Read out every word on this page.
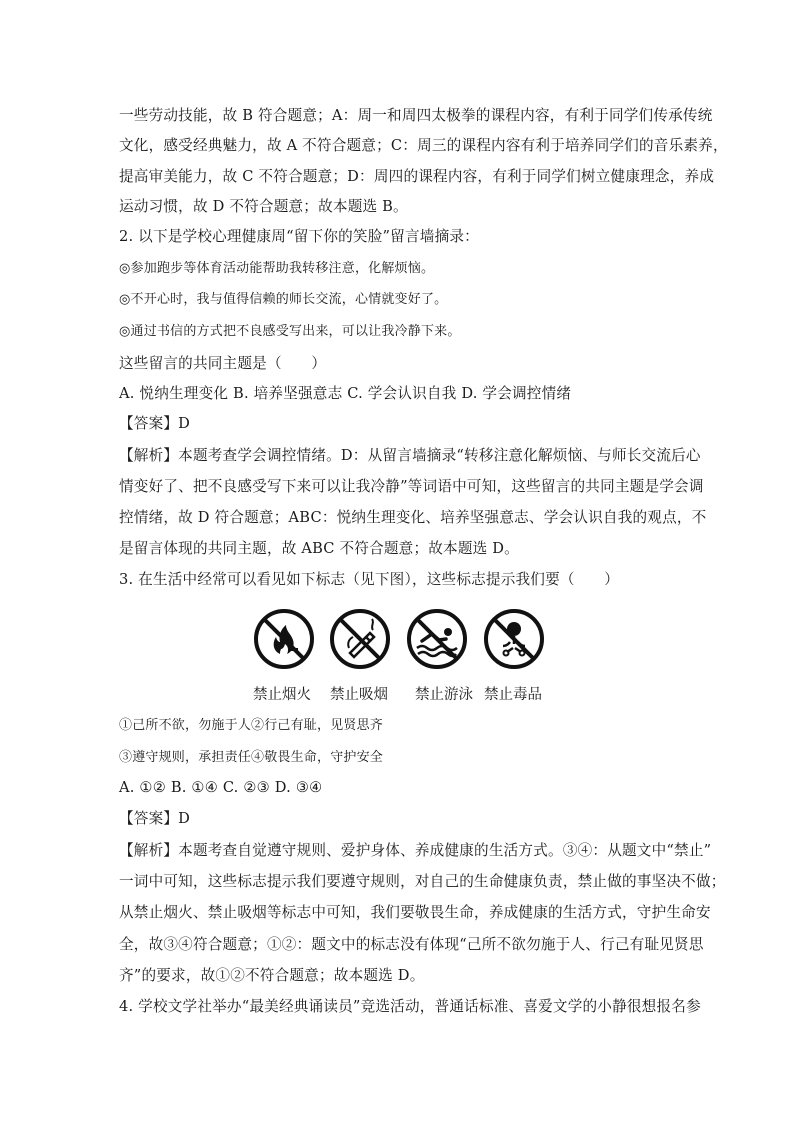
一些劳动技能，故 B 符合题意；A：周一和周四太极拳的课程内容，有利于同学们传承传统
文化，感受经典魅力，故 A 不符合题意；C：周三的课程内容有利于培养同学们的音乐素养，
提高审美能力，故 C 不符合题意；D：周四的课程内容，有利于同学们树立健康理念，养成
运动习惯，故 D 不符合题意；故本题选 B。
2. 以下是学校心理健康周“留下你的笑脸”留言墙摘录：
◎参加跑步等体育活动能帮助我转移注意，化解烦恼。
◎不开心时，我与值得信赖的师长交流，心情就变好了。
◎通过书信的方式把不良感受写出来，可以让我冷静下来。
这些留言的共同主题是（　　）
A. 悦纳生理变化 B. 培养坚强意志 C. 学会认识自我 D. 学会调控情绪
【答案】D
【解析】本题考查学会调控情绪。D：从留言墙摘录“转移注意化解烦恼、与师长交流后心
情变好了、把不良感受写下来可以让我冷静”等词语中可知，这些留言的共同主题是学会调
控情绪，故 D 符合题意；ABC：悦纳生理变化、培养坚强意志、学会认识自我的观点，不
是留言体现的共同主题，故 ABC 不符合题意；故本题选 D。
3. 在生活中经常可以看见如下标志（见下图），这些标志提示我们要（　　）
禁止烟火 禁止吸烟 禁止游泳 禁止毒品
①己所不欲，勿施于人②行己有耻，见贤思齐
③遵守规则，承担责任④敬畏生命，守护安全
A. ①② B. ①④ C. ②③ D. ③④
【答案】D
【解析】本题考查自觉遵守规则、爱护身体、养成健康的生活方式。③④：从题文中“禁止”
一词中可知，这些标志提示我们要遵守规则，对自己的生命健康负责，禁止做的事坚决不做；
从禁止烟火、禁止吸烟等标志中可知，我们要敬畏生命，养成健康的生活方式，守护生命安
全，故③④符合题意；①②：题文中的标志没有体现“己所不欲勿施于人、行己有耻见贤思
齐”的要求，故①②不符合题意；故本题选 D。
4. 学校文学社举办“最美经典诵读员”竞选活动，普通话标准、喜爱文学的小静很想报名参
